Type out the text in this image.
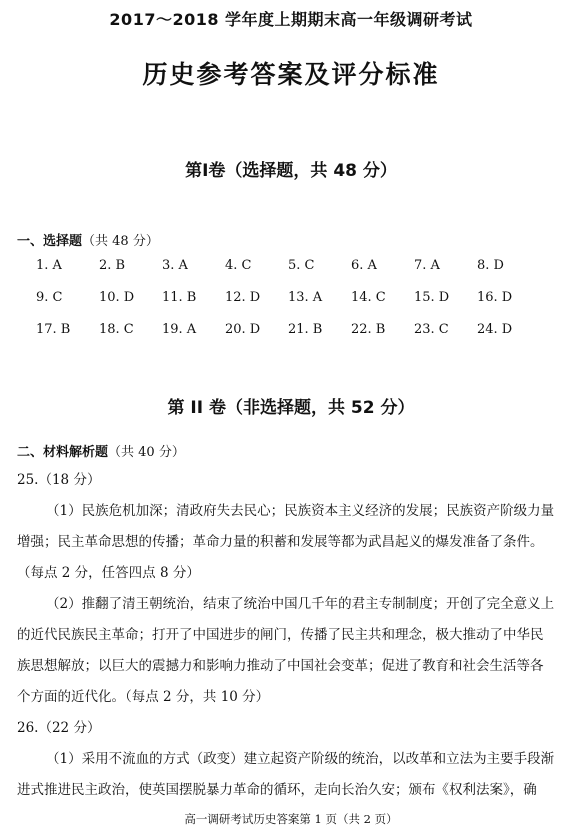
2017～2018 学年度上期期末高一年级调研考试
历史参考答案及评分标准
第Ⅰ卷（选择题，共 48 分）
一、选择题（共 48 分）
1. A	2. B	3. A	4. C	5. C	6. A	7. A	8. D
9. C	10. D	11. B	12. D	13. A	14. C	15. D	16. D
17. B	18. C	19. A	20. D	21. B	22. B	23. C	24. D
第 II 卷（非选择题，共 52 分）
二、材料解析题（共 40 分）
25.（18 分）
（1）民族危机加深；清政府失去民心；民族资本主义经济的发展；民族资产阶级力量
增强；民主革命思想的传播；革命力量的积蓄和发展等都为武昌起义的爆发准备了条件。
（每点 2 分，任答四点 8 分）
（2）推翻了清王朝统治，结束了统治中国几千年的君主专制制度；开创了完全意义上
的近代民族民主革命；打开了中国进步的闸门，传播了民主共和理念，极大推动了中华民
族思想解放；以巨大的震撼力和影响力推动了中国社会变革；促进了教育和社会生活等各
个方面的近代化。（每点 2 分，共 10 分）
26.（22 分）
（1）采用不流血的方式（政变）建立起资产阶级的统治，以改革和立法为主要手段渐
进式推进民主政治，使英国摆脱暴力革命的循环，走向长治久安；颁布《权利法案》，确
高一调研考试历史答案第 1 页（共 2 页）
